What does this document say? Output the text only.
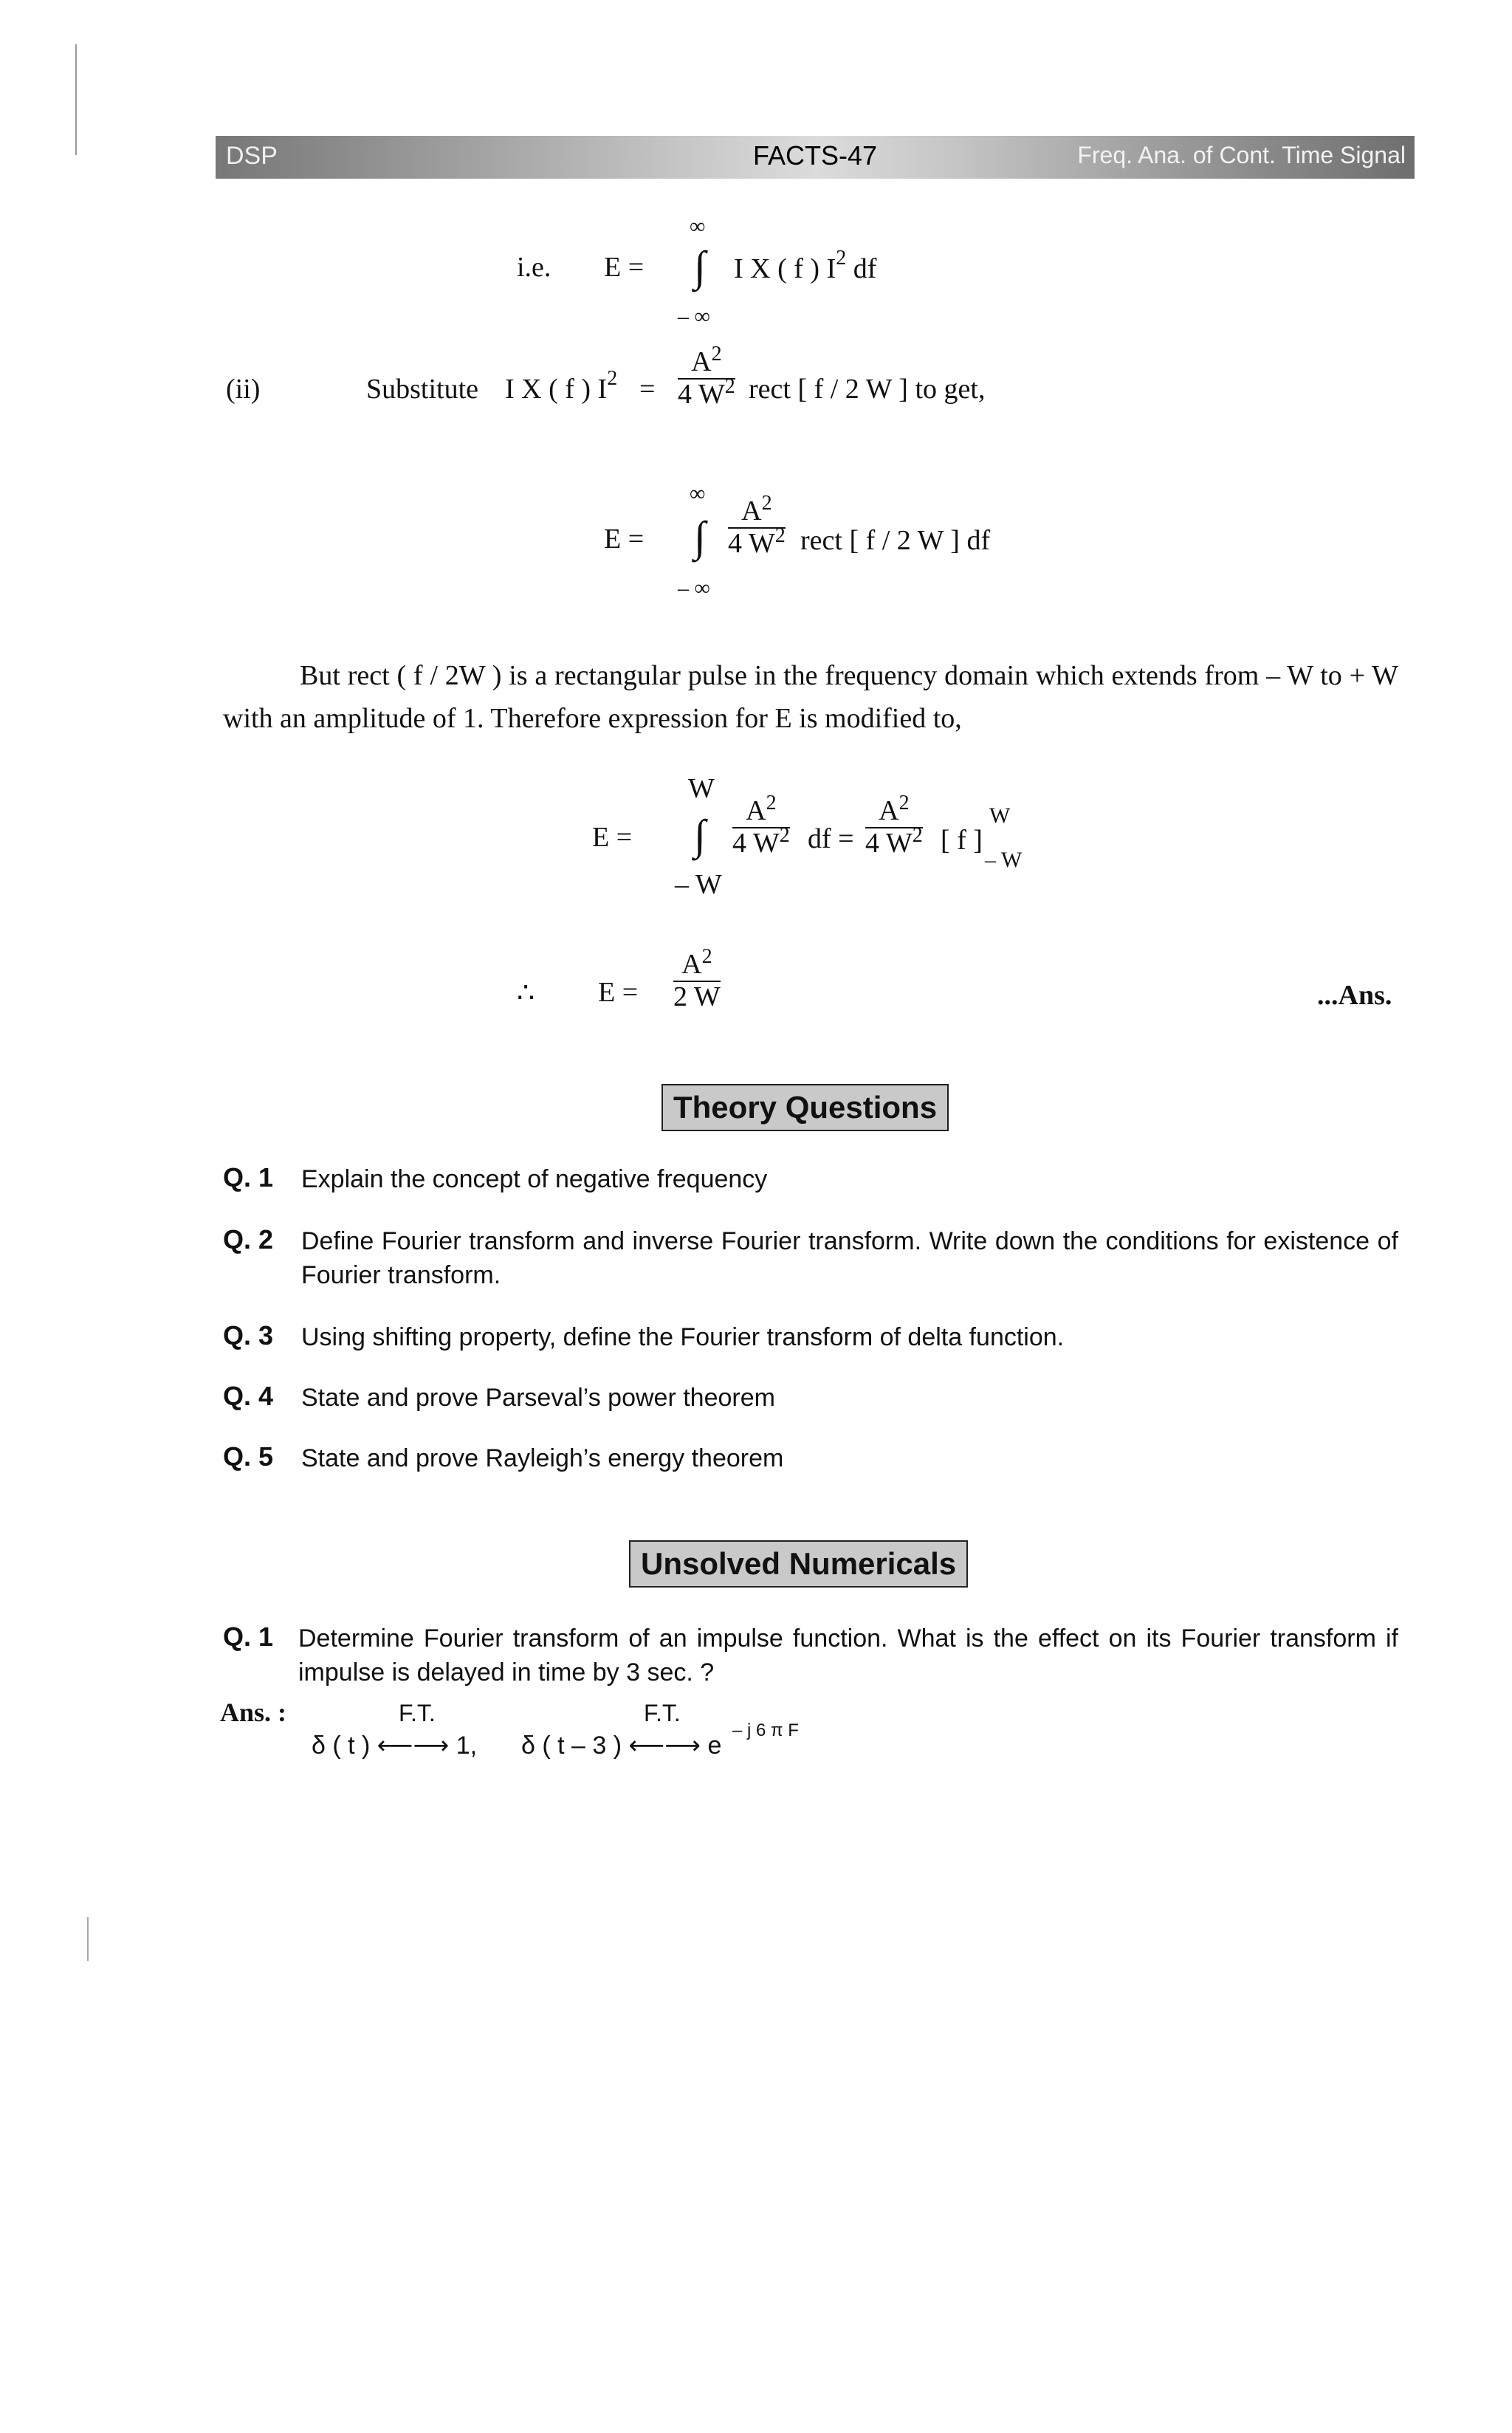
DSP	FACTS-47	Freq. Ana. of Cont. Time Signal
i.e. E =
∞
∫
– ∞
I X ( f ) $I^2$ df
(ii)	Substitute I X ( f ) $I^2 = \frac{A^2}{4 W^2}$ rect [ f / 2 W ] to get,
E =
∞
∫
– ∞
$\frac{A^2}{4 W^2}$ rect [ f / 2 W ] df
But rect ( f / 2W ) is a rectangular pulse in the frequency domain which extends from – W to + W with an amplitude of 1. Therefore expression for E is modified to,
E =
W
∫
– W
$\frac{A^2}{4 W^2}$ df = $\frac{A^2}{4 W^2}$ [ f ]
W
– W
∴ $E = \frac{A^2}{2 W}$	...Ans.
Theory Questions
Q. 1 Explain the concept of negative frequency
Q. 2 Define Fourier transform and inverse Fourier transform. Write down the conditions for existence of Fourier transform.
Q. 3 Using shifting property, define the Fourier transform of delta function.
Q. 4 State and prove Parseval’s power theorem
Q. 5 State and prove Rayleigh’s energy theorem
Unsolved Numericals
Q. 1 Determine Fourier transform of an impulse function. What is the effect on its Fourier transform if impulse is delayed in time by 3 sec. ?
Ans. :	F.T.	F.T.
δ ( t ) ⟵⟶ 1, δ ( t – 3 ) ⟵⟶ e
– j 6 π F
